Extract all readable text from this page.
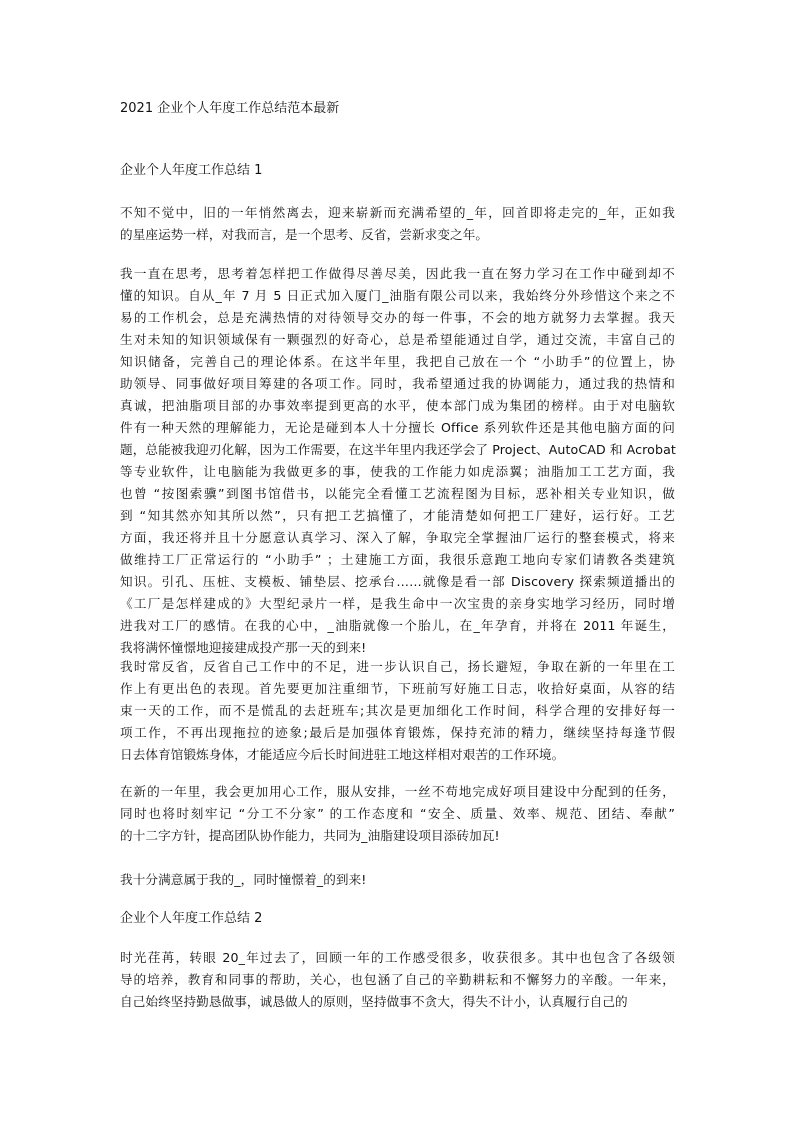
2021 企业个人年度工作总结范本最新
企业个人年度工作总结 1
不知不觉中，旧的一年悄然离去，迎来崭新而充满希望的_年，回首即将走完的_年，正如我
的星座运势一样，对我而言，是一个思考、反省，尝新求变之年。
我一直在思考，思考着怎样把工作做得尽善尽美，因此我一直在努力学习在工作中碰到却不
懂的知识。自从_年 7 月 5 日正式加入厦门_油脂有限公司以来，我始终分外珍惜这个来之不
易的工作机会，总是充满热情的对待领导交办的每一件事，不会的地方就努力去掌握。我天
生对未知的知识领域保有一颗强烈的好奇心，总是希望能通过自学，通过交流，丰富自己的
知识储备，完善自己的理论体系。在这半年里，我把自己放在一个 “小助手”的位置上，协
助领导、同事做好项目筹建的各项工作。同时，我希望通过我的协调能力，通过我的热情和
真诚，把油脂项目部的办事效率提到更高的水平，使本部门成为集团的榜样。由于对电脑软
件有一种天然的理解能力，无论是碰到本人十分擅长 Office 系列软件还是其他电脑方面的问
题，总能被我迎刃化解，因为工作需要，在这半年里内我还学会了 Project、AutoCAD 和 Acrobat
等专业软件，让电脑能为我做更多的事，使我的工作能力如虎添翼；油脂加工工艺方面，我
也曾 “按图索骥”到图书馆借书，以能完全看懂工艺流程图为目标，恶补相关专业知识，做
到 “知其然亦知其所以然”，只有把工艺搞懂了，才能清楚如何把工厂建好，运行好。工艺
方面，我还将并且十分愿意认真学习、深入了解，争取完全掌握油厂运行的整套模式，将来
做维持工厂正常运行的 “小助手” ；土建施工方面，我很乐意跑工地向专家们请教各类建筑
知识。引孔、压桩、支模板、铺垫层、挖承台……就像是看一部 Discovery 探索频道播出的
《工厂是怎样建成的》大型纪录片一样，是我生命中一次宝贵的亲身实地学习经历，同时增
进我对工厂的感情。在我的心中，_油脂就像一个胎儿，在_年孕育，并将在 2011 年诞生，
我将满怀憧憬地迎接建成投产那一天的到来!
我时常反省，反省自己工作中的不足，进一步认识自己，扬长避短，争取在新的一年里在工
作上有更出色的表现。首先要更加注重细节，下班前写好施工日志，收拾好桌面，从容的结
束一天的工作，而不是慌乱的去赶班车;其次是更加细化工作时间，科学合理的安排好每一
项工作，不再出现拖拉的迹象;最后是加强体育锻炼，保持充沛的精力，继续坚持每逢节假
日去体育馆锻炼身体，才能适应今后长时间进驻工地这样相对艰苦的工作环境。
在新的一年里，我会更加用心工作，服从安排，一丝不苟地完成好项目建设中分配到的任务，
同时也将时刻牢记 “分工不分家” 的工作态度和 “安全、质量、效率、规范、团结、奉献”
的十二字方针，提高团队协作能力，共同为_油脂建设项目添砖加瓦!
我十分满意属于我的_，同时憧憬着_的到来!
企业个人年度工作总结 2
时光荏苒，转眼 20_年过去了，回顾一年的工作感受很多，收获很多。其中也包含了各级领
导的培养，教育和同事的帮助，关心，也包涵了自己的辛勤耕耘和不懈努力的辛酸。一年来，
自己始终坚持勤恳做事，诚恳做人的原则，坚持做事不贪大，得失不计小，认真履行自己的
